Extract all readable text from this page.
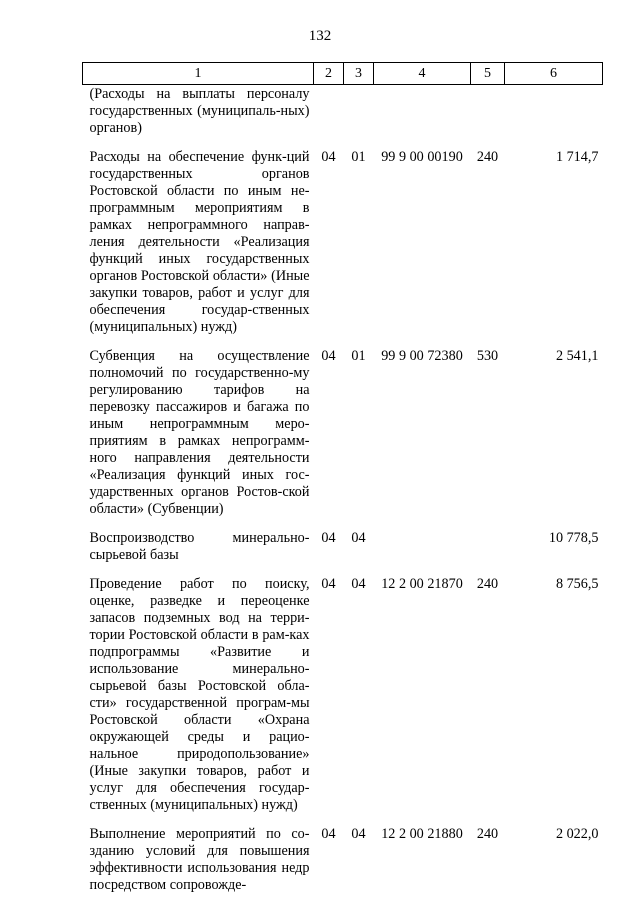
132
1	2	3	4	5	6
(Расходы на выплаты персоналу государственных (муниципаль-ных) органов)					
Расходы на обеспечение функ-ций государственных органов Ростовской области по иным не-программным мероприятиям в рамках непрограммного направ-ления деятельности «Реализация функций иных государственных органов Ростовской области» (Иные закупки товаров, работ и услуг для обеспечения государ-ственных (муниципальных) нужд)	04	01	99 9 00 00190	240	1 714,7
Субвенция на осуществление полномочий по государственно-му регулированию тарифов на перевозку пассажиров и багажа по иным непрограммным меро-приятиям в рамках непрограмм-ного направления деятельности «Реализация функций иных гос-ударственных органов Ростов-ской области» (Субвенции)	04	01	99 9 00 72380	530	2 541,1
Воспроизводство минерально-сырьевой базы	04	04			10 778,5
Проведение работ по поиску, оценке, разведке и переоценке запасов подземных вод на терри-тории Ростовской области в рам-ках подпрограммы «Развитие и использование минерально-сырьевой базы Ростовской обла-сти» государственной програм-мы Ростовской области «Охрана окружающей среды и рацио-нальное природопользование» (Иные закупки товаров, работ и услуг для обеспечения государ-ственных (муниципальных) нужд)	04	04	12 2 00 21870	240	8 756,5
Выполнение мероприятий по со-зданию условий для повышения эффективности использования недр посредством сопровожде-	04	04	12 2 00 21880	240	2 022,0
